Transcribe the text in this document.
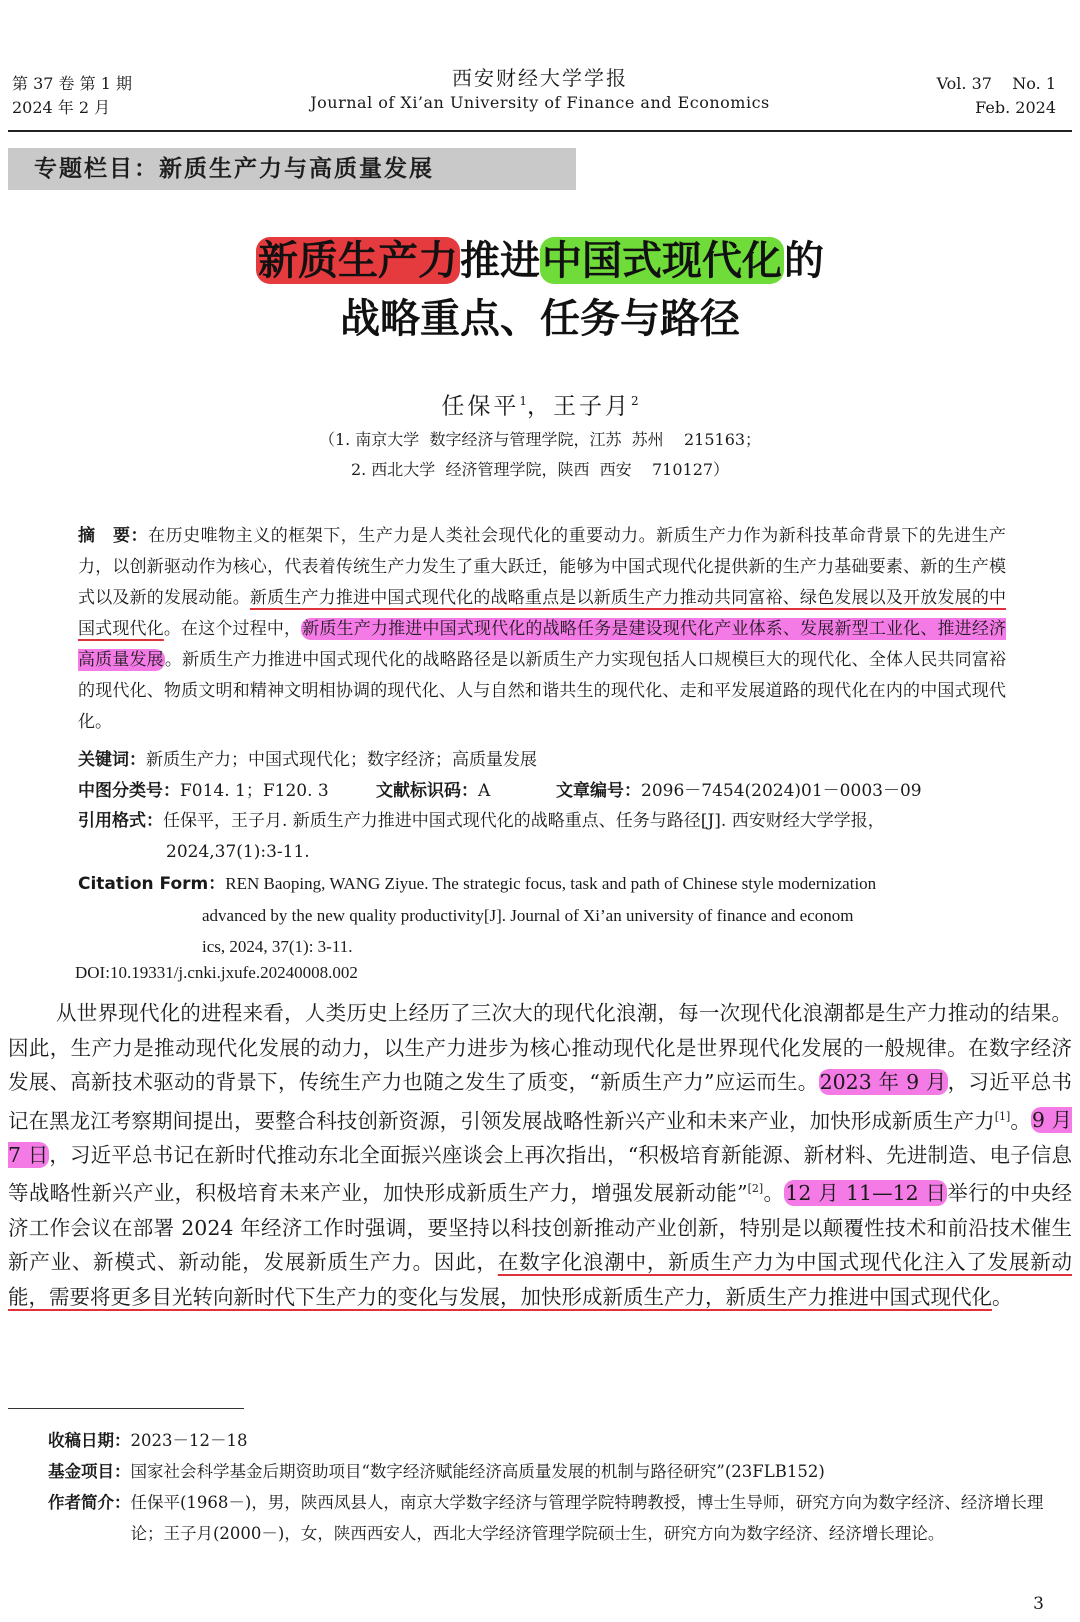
第 37 卷 第 1 期
2024 年 2 月
西安财经大学学报
Journal of Xi’an University of Finance and Economics
Vol. 37    No. 1
Feb. 2024
专题栏目：新质生产力与高质量发展
新质生产力推进中国式现代化的
战略重点、任务与路径
任保平$^1$，王子月$^2$
（1. 南京大学  数字经济与管理学院，江苏  苏州    215163；
2. 西北大学  经济管理学院，陕西  西安    710127）
摘　要：在历史唯物主义的框架下，生产力是人类社会现代化的重要动力。新质生产力作为新科技革命背景下的先进生产力，以创新驱动作为核心，代表着传统生产力发生了重大跃迁，能够为中国式现代化提供新的生产力基础要素、新的生产模式以及新的发展动能。新质生产力推进中国式现代化的战略重点是以新质生产力推动共同富裕、绿色发展以及开放发展的中国式现代化。在这个过程中，新质生产力推进中国式现代化的战略任务是建设现代化产业体系、发展新型工业化、推进经济高质量发展。新质生产力推进中国式现代化的战略路径是以新质生产力实现包括人口规模巨大的现代化、全体人民共同富裕的现代化、物质文明和精神文明相协调的现代化、人与自然和谐共生的现代化、走和平发展道路的现代化在内的中国式现代化。
关键词：新质生产力；中国式现代化；数字经济；高质量发展
中图分类号：F014. 1；F120. 3	文献标识码：A	文章编号：2096－7454(2024)01－0003－09
引用格式：任保平，王子月. 新质生产力推进中国式现代化的战略重点、任务与路径[J]. 西安财经大学学报，
2024,37(1):3-11.
Citation Form：REN Baoping, WANG Ziyue. The strategic focus, task and path of Chinese style modernization
advanced by the new quality productivity[J]. Journal of Xi’an university of finance and econom
ics, 2024, 37(1): 3-11.
DOI:10.19331/j.cnki.jxufe.20240008.002
从世界现代化的进程来看，人类历史上经历了三次大的现代化浪潮，每一次现代化浪潮都是生产力推动的结果。因此，生产力是推动现代化发展的动力，以生产力进步为核心推动现代化是世界现代化发展的一般规律。在数字经济发展、高新技术驱动的背景下，传统生产力也随之发生了质变，“新质生产力”应运而生。2023 年 9 月，习近平总书记在黑龙江考察期间提出，要整合科技创新资源，引领发展战略性新兴产业和未来产业，加快形成新质生产力[1]。9 月 7 日，习近平总书记在新时代推动东北全面振兴座谈会上再次指出，“积极培育新能源、新材料、先进制造、电子信息等战略性新兴产业，积极培育未来产业，加快形成新质生产力，增强发展新动能”[2]。12 月 11—12 日举行的中央经济工作会议在部署 2024 年经济工作时强调，要坚持以科技创新推动产业创新，特别是以颠覆性技术和前沿技术催生新产业、新模式、新动能，发展新质生产力。因此，在数字化浪潮中，新质生产力为中国式现代化注入了发展新动能，需要将更多目光转向新时代下生产力的变化与发展，加快形成新质生产力，新质生产力推进中国式现代化。
收稿日期： 2023－12－18
基金项目： 国家社会科学基金后期资助项目“数字经济赋能经济高质量发展的机制与路径研究”(23FLB152)
作者简介： 任保平(1968－)，男，陕西凤县人，南京大学数字经济与管理学院特聘教授，博士生导师，研究方向为数字经济、经济增长理论；王子月(2000－)，女，陕西西安人，西北大学经济管理学院硕士生，研究方向为数字经济、经济增长理论。
3
